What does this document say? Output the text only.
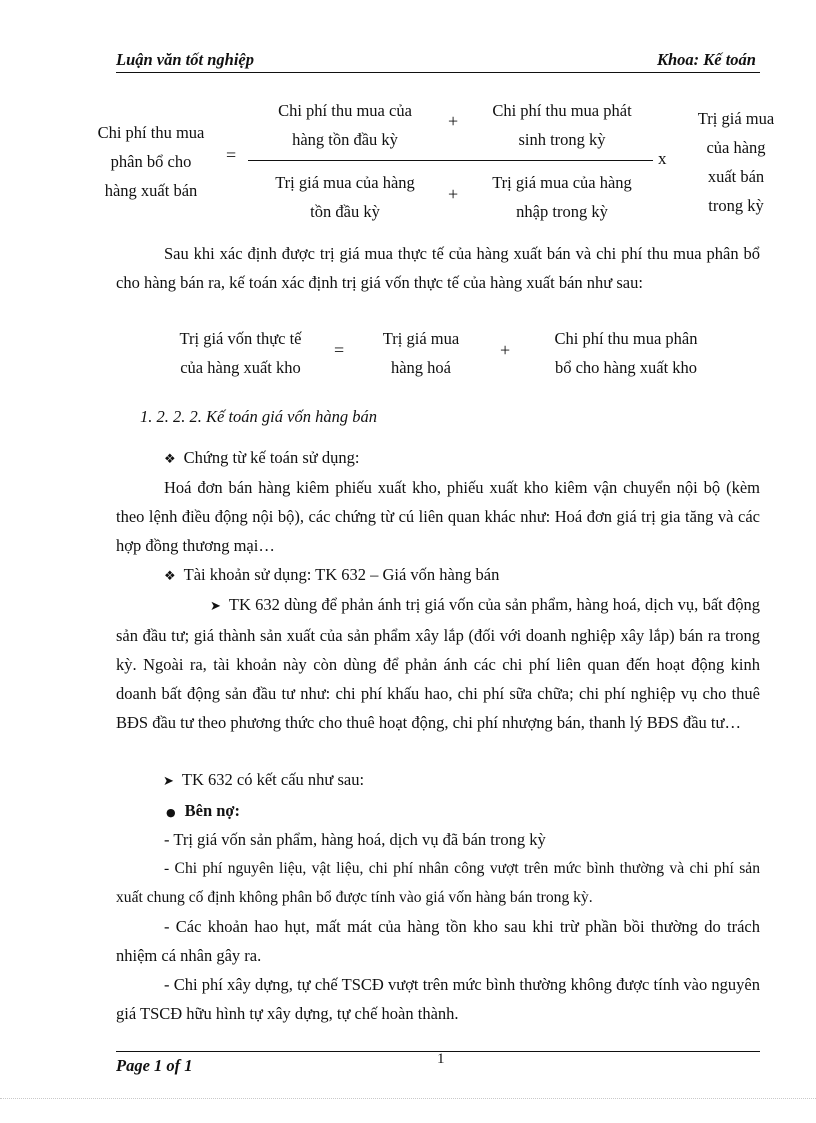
Luận văn tốt nghiệp	Khoa: Kế toán
Chi phí thu mua
phân bổ cho
hàng xuất bán
=
Chi phí thu mua của
hàng tồn đầu kỳ
+
Chi phí thu mua phát
sinh trong kỳ
x
Trị giá mua của hàng
tồn đầu kỳ
+
Trị giá mua của hàng
nhập trong kỳ
Trị giá mua
của hàng
xuất bán
trong kỳ
Sau khi xác định được trị giá mua thực tế của hàng xuất bán và chi phí thu mua phân bổ cho hàng bán ra, kế toán xác định trị giá vốn thực tế của hàng xuất bán như sau:
Trị giá vốn thực tế
của hàng xuất kho
=
Trị giá mua
hàng hoá
+
Chi phí thu mua phân
bổ cho hàng xuất kho
1. 2. 2. 2. Kế toán giá vốn hàng bán
❖ Chứng từ kế toán sử dụng:
Hoá đơn bán hàng kiêm phiếu xuất kho, phiếu xuất kho kiêm vận chuyển nội bộ (kèm theo lệnh điều động nội bộ), các chứng từ cú liên quan khác như: Hoá đơn giá trị gia tăng và các hợp đồng thương mại…
❖ Tài khoản sử dụng: TK 632 – Giá vốn hàng bán
➤ TK 632 dùng để phản ánh trị giá vốn của sản phẩm, hàng hoá, dịch vụ, bất động sản đầu tư; giá thành sản xuất của sản phẩm xây lắp (đối với doanh nghiệp xây lắp) bán ra trong kỳ. Ngoài ra, tài khoản này còn dùng để phản ánh các chi phí liên quan đến hoạt động kinh doanh bất động sản đầu tư như: chi phí khấu hao, chi phí sữa chữa; chi phí nghiệp vụ cho thuê BĐS đầu tư theo phương thức cho thuê hoạt động, chi phí nhượng bán, thanh lý BĐS đầu tư…
➤ TK 632 có kết cấu như sau:
● Bên nợ:
- Trị giá vốn sản phẩm, hàng hoá, dịch vụ đã bán trong kỳ
- Chi phí nguyên liệu, vật liệu, chi phí nhân công vượt trên mức bình thường và chi phí sản xuất chung cố định không phân bổ được tính vào giá vốn hàng bán trong kỳ.
- Các khoản hao hụt, mất mát của hàng tồn kho sau khi trừ phần bồi thường do trách nhiệm cá nhân gây ra.
- Chi phí xây dựng, tự chế TSCĐ vượt trên mức bình thường không được tính vào nguyên giá TSCĐ hữu hình tự xây dựng, tự chế hoàn thành.
Page 1 of 1	1
